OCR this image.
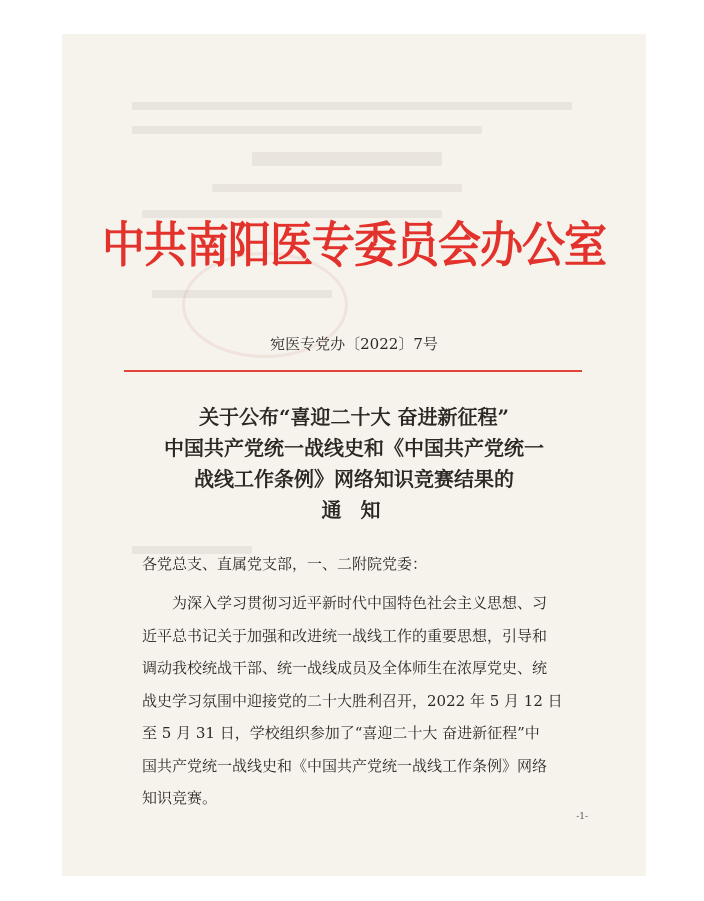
中共南阳医专委员会办公室
宛医专党办〔2022〕7号
关于公布“喜迎二十大 奋进新征程”
中国共产党统一战线史和《中国共产党统一
战线工作条例》网络知识竞赛结果的
通 知
各党总支、直属党支部，一、二附院党委：
为深入学习贯彻习近平新时代中国特色社会主义思想、习
近平总书记关于加强和改进统一战线工作的重要思想，引导和
调动我校统战干部、统一战线成员及全体师生在浓厚党史、统
战史学习氛围中迎接党的二十大胜利召开，2022 年 5 月 12 日
至 5 月 31 日，学校组织参加了“喜迎二十大 奋进新征程”中
国共产党统一战线史和《中国共产党统一战线工作条例》网络
知识竞赛。
-1-
